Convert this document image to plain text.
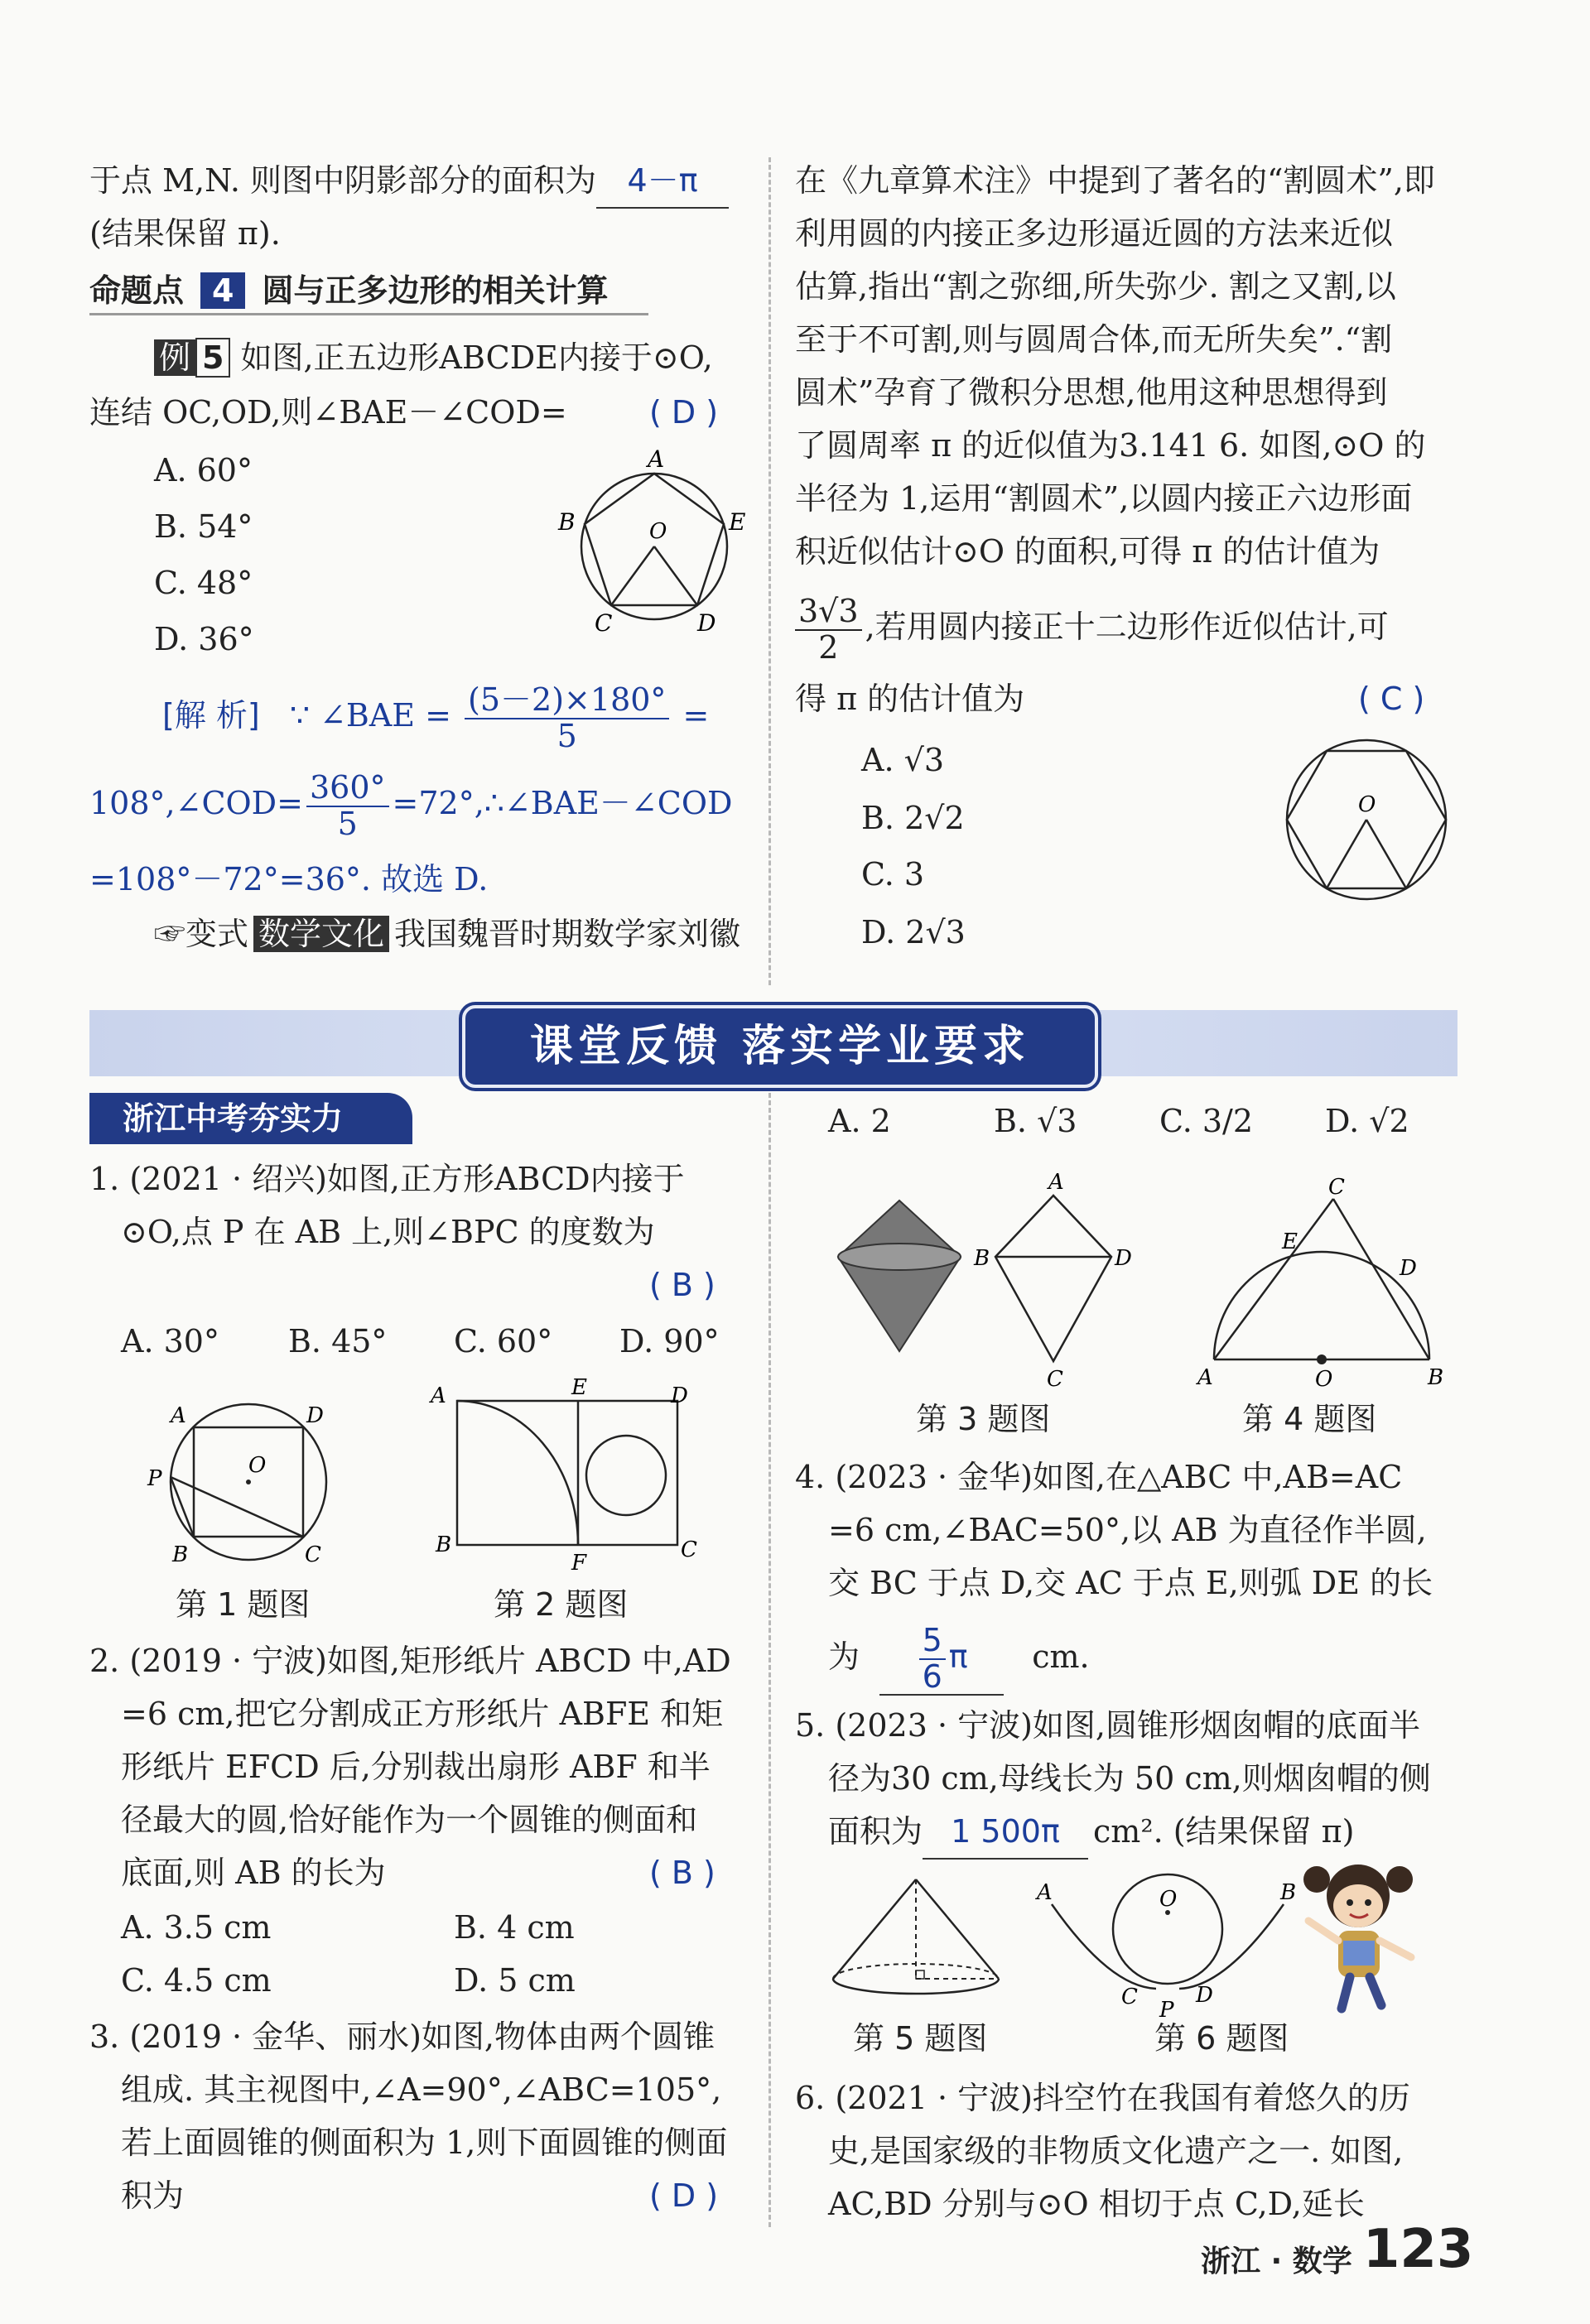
于点 M,N. 则图中阴影部分的面积为 4－π
(结果保留 π).
命题点 4 圆与正多边形的相关计算
例 5 如图,正五边形ABCDE内接于⊙O,
连结 OC,OD,则∠BAE－∠COD=	( D )
A. 60°
B. 54°
C. 48°
D. 36°
A
B	E
C	D
O
[解 析] ∵ ∠BAE = $\frac{(5-2)\times 180^\circ}{5}$ =
108°,∠COD= $\frac{360^\circ}{5}$ =72°,∴∠BAE－∠COD
=108°－72°=36°. 故选 D.
☞变式 数学文化 我国魏晋时期数学家刘徽
在《九章算术注》中提到了著名的“割圆术”,即
利用圆的内接正多边形逼近圆的方法来近似
估算,指出“割之弥细,所失弥少. 割之又割,以
至于不可割,则与圆周合体,而无所失矣”.“割
圆术”孕育了微积分思想,他用这种思想得到
了圆周率 π 的近似值为3.141 6. 如图,⊙O 的
半径为 1,运用“割圆术”,以圆内接正六边形面
积近似估计⊙O 的面积,可得 π 的估计值为
$\frac{3√3}{2}$ ,若用圆内接正十二边形作近似估计,可
得 π 的估计值为	( C )
A. √3
B. 2√2
C. 3
D. 2√3
O
课堂反馈 落实学业要求
浙江中考夯实力
1. (2021 · 绍兴)如图,正方形ABCD内接于
⊙O,点 P 在 AB 上,则∠BPC 的度数为
( B )
A. 30° B. 45° C. 60° D. 90°
A	D
P
B	C
O
第 1 题图
A	E	D
B
F
C
第 2 题图
2. (2019 · 宁波)如图,矩形纸片 ABCD 中,AD
=6 cm,把它分割成正方形纸片 ABFE 和矩
形纸片 EFCD 后,分别裁出扇形 ABF 和半
径最大的圆,恰好能作为一个圆锥的侧面和
底面,则 AB 的长为	( B )
A. 3.5 cm	B. 4 cm
C. 4.5 cm	D. 5 cm
3. (2019 · 金华、丽水)如图,物体由两个圆锥
组成. 其主视图中,∠A=90°,∠ABC=105°,
若上面圆锥的侧面积为 1,则下面圆锥的侧面
积为	( D )
A. 2	B. √3	C. 3/2 D. √2
A
B	D
C
第 3 题图
C
E
D
A	O	B
第 4 题图
4. (2023 · 金华)如图,在△ABC 中,AB=AC
=6 cm,∠BAC=50°,以 AB 为直径作半圆,
交 BC 于点 D,交 AC 于点 E,则弧 DE 的长
为 $\frac{5}{6}$ π cm.
5. (2023 · 宁波)如图,圆锥形烟囱帽的底面半
径为30 cm,母线长为 50 cm,则烟囱帽的侧
面积为 1 500π cm². (结果保留 π)
第 5 题图
A	B
O
C	D
P
第 6 题图
6. (2021 · 宁波)抖空竹在我国有着悠久的历
史,是国家级的非物质文化遗产之一. 如图,
AC,BD 分别与⊙O 相切于点 C,D,延长
浙江 · 数学 123
